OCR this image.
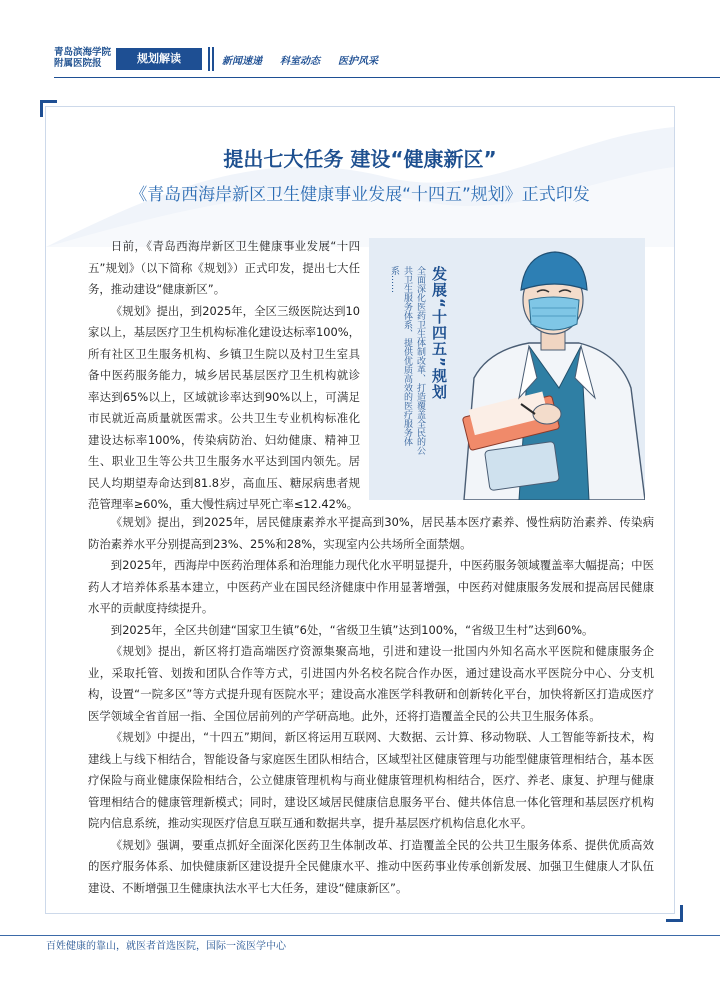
青岛滨海学院
附属医院报	规划解读	新闻速递 科室动态 医护风采
提出七大任务 建设“健康新区”
《青岛西海岸新区卫生健康事业发展“十四五”规划》正式印发

日前，《青岛西海岸新区卫生健康事业发展“十四五”规划》（以下简称《规划》）正式印发，提出七大任务，推动建设“健康新区”。

《规划》提出，到2025年，全区三级医院达到10家以上，基层医疗卫生机构标准化建设达标率100%，所有社区卫生服务机构、乡镇卫生院以及村卫生室具备中医药服务能力，城乡居民基层医疗卫生机构就诊率达到65%以上，区域就诊率达到90%以上，可满足市民就近高质量就医需求。公共卫生专业机构标准化建设达标率100%，传染病防治、妇幼健康、精神卫生、职业卫生等公共卫生服务水平达到国内领先。居民人均期望寿命达到81.8岁，高血压、糖尿病患者规范管理率≥60%，重大慢性病过早死亡率≤12.42%。

发展“十四五”规划
全面深化医药卫生体制改革、打造覆盖全民的公共卫生服务体系、提供优质高效的医疗服务体系……

《规划》提出，到2025年，居民健康素养水平提高到30%，居民基本医疗素养、慢性病防治素养、传染病防治素养水平分别提高到23%、25%和28%，实现室内公共场所全面禁烟。

到2025年，西海岸中医药治理体系和治理能力现代化水平明显提升，中医药服务领域覆盖率大幅提高；中医药人才培养体系基本建立，中医药产业在国民经济健康中作用显著增强，中医药对健康服务发展和提高居民健康水平的贡献度持续提升。

到2025年，全区共创建“国家卫生镇”6处，“省级卫生镇”达到100%，“省级卫生村”达到60%。

《规划》提出，新区将打造高端医疗资源集聚高地，引进和建设一批国内外知名高水平医院和健康服务企业，采取托管、划拨和团队合作等方式，引进国内外名校名院合作办医，通过建设高水平医院分中心、分支机构，设置“一院多区”等方式提升现有医院水平；建设高水准医学科教研和创新转化平台，加快将新区打造成医疗医学领域全省首屈一指、全国位居前列的产学研高地。此外，还将打造覆盖全民的公共卫生服务体系。

《规划》中提出，“十四五”期间，新区将运用互联网、大数据、云计算、移动物联、人工智能等新技术，构建线上与线下相结合，智能设备与家庭医生团队相结合，区域型社区健康管理与功能型健康管理相结合，基本医疗保险与商业健康保险相结合，公立健康管理机构与商业健康管理机构相结合，医疗、养老、康复、护理与健康管理相结合的健康管理新模式；同时，建设区域居民健康信息服务平台、健共体信息一体化管理和基层医疗机构院内信息系统，推动实现医疗信息互联互通和数据共享，提升基层医疗机构信息化水平。

《规划》强调，要重点抓好全面深化医药卫生体制改革、打造覆盖全民的公共卫生服务体系、提供优质高效的医疗服务体系、加快健康新区建设提升全民健康水平、推动中医药事业传承创新发展、加强卫生健康人才队伍建设、不断增强卫生健康执法水平七大任务，建设“健康新区”。

百姓健康的靠山，就医者首选医院，国际一流医学中心
